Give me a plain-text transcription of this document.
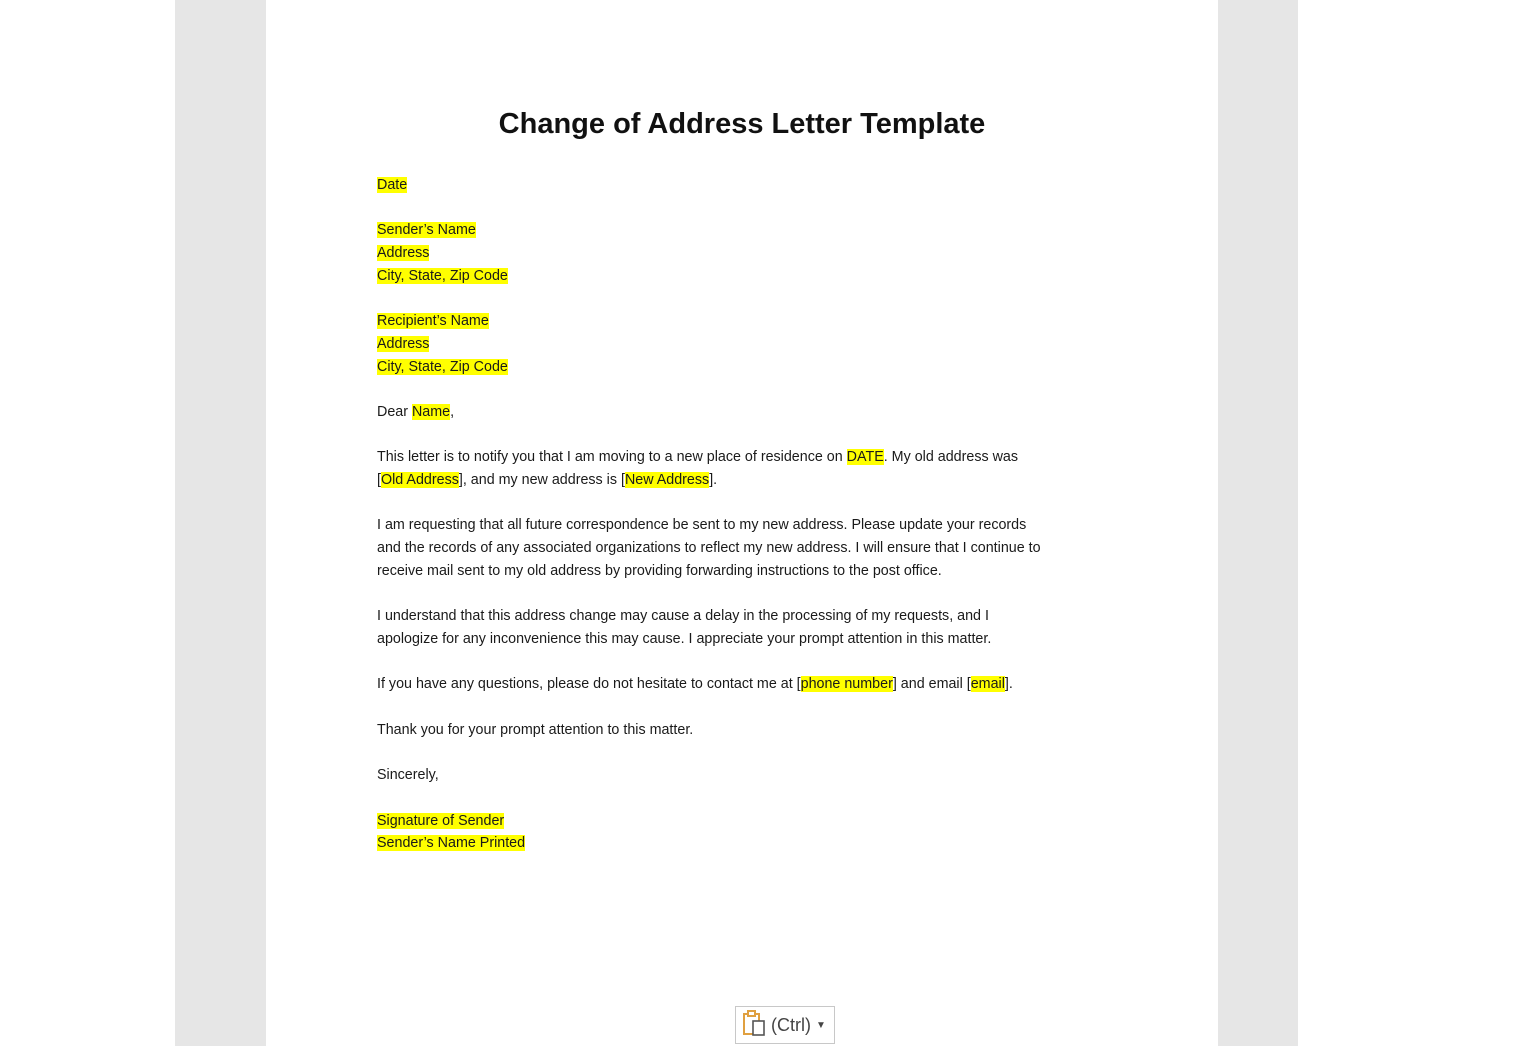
Change of Address Letter Template
Date
Sender’s Name
Address
City, State, Zip Code
Recipient’s Name
Address
City, State, Zip Code
Dear Name,
This letter is to notify you that I am moving to a new place of residence on DATE. My old address was
[Old Address], and my new address is [New Address].
I am requesting that all future correspondence be sent to my new address. Please update your records
and the records of any associated organizations to reflect my new address. I will ensure that I continue to
receive mail sent to my old address by providing forwarding instructions to the post office.
I understand that this address change may cause a delay in the processing of my requests, and I
apologize for any inconvenience this may cause. I appreciate your prompt attention in this matter.
If you have any questions, please do not hesitate to contact me at [phone number] and email [email].
Thank you for your prompt attention to this matter.
Sincerely,
Signature of Sender
Sender’s Name Printed
(Ctrl) ▼
